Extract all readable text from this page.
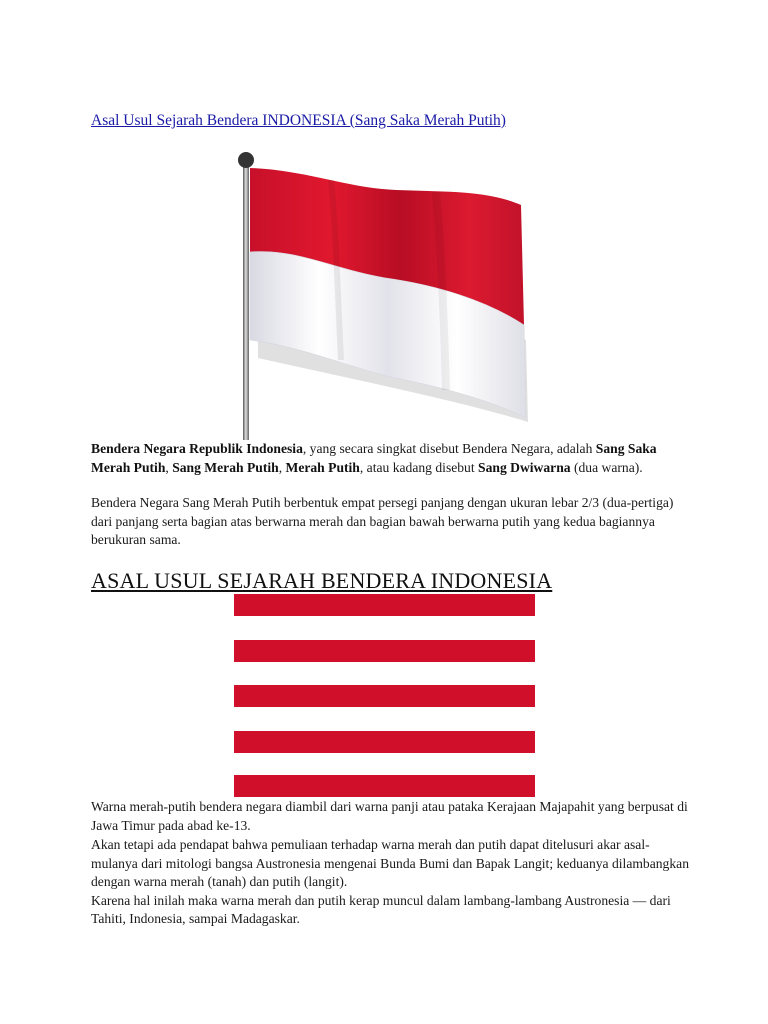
Asal Usul Sejarah Bendera INDONESIA (Sang Saka Merah Putih)
Bendera Negara Republik Indonesia, yang secara singkat disebut Bendera Negara, adalah Sang Saka Merah Putih, Sang Merah Putih, Merah Putih, atau kadang disebut Sang Dwiwarna (dua warna).
Bendera Negara Sang Merah Putih berbentuk empat persegi panjang dengan ukuran lebar 2/3 (dua-pertiga) dari panjang serta bagian atas berwarna merah dan bagian bawah berwarna putih yang kedua bagiannya berukuran sama.
ASAL USUL SEJARAH BENDERA INDONESIA
Warna merah-putih bendera negara diambil dari warna panji atau pataka Kerajaan Majapahit yang berpusat di Jawa Timur pada abad ke-13.
Akan tetapi ada pendapat bahwa pemuliaan terhadap warna merah dan putih dapat ditelusuri akar asal-mulanya dari mitologi bangsa Austronesia mengenai Bunda Bumi dan Bapak Langit; keduanya dilambangkan dengan warna merah (tanah) dan putih (langit).
Karena hal inilah maka warna merah dan putih kerap muncul dalam lambang-lambang Austronesia — dari Tahiti, Indonesia, sampai Madagaskar.
